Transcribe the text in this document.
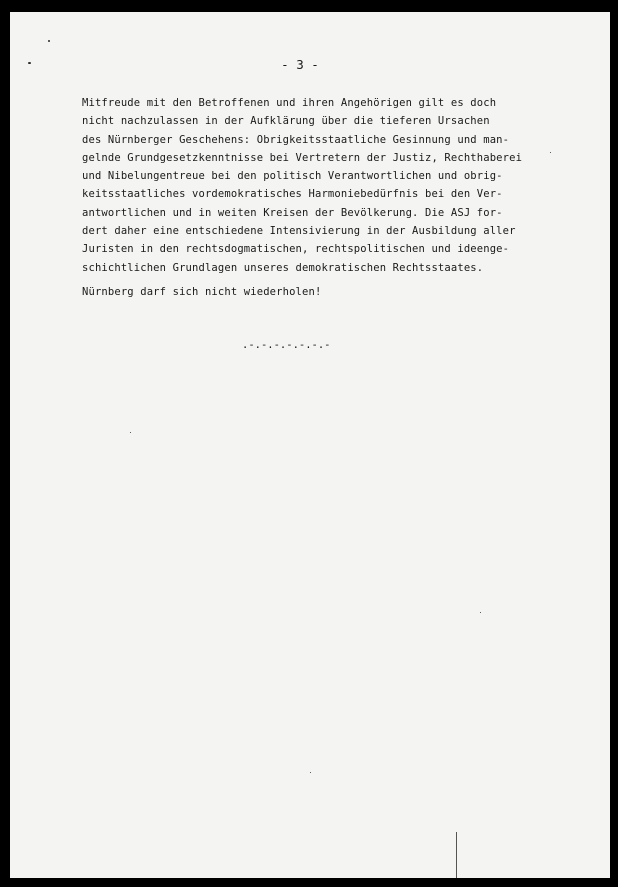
- 3 -

Mitfreude mit den Betroffenen und ihren Angehörigen gilt es doch
nicht nachzulassen in der Aufklärung über die tieferen Ursachen
des Nürnberger Geschehens: Obrigkeitsstaatliche Gesinnung und man-
gelnde Grundgesetzkenntnisse bei Vertretern der Justiz, Rechthaberei
und Nibelungentreue bei den politisch Verantwortlichen und obrig-
keitsstaatliches vordemokratisches Harmoniebedürfnis bei den Ver-
antwortlichen und in weiten Kreisen der Bevölkerung. Die ASJ for-
dert daher eine entschiedene Intensivierung in der Ausbildung aller
Juristen in den rechtsdogmatischen, rechtspolitischen und ideenge-
schichtlichen Grundlagen unseres demokratischen Rechtsstaates.

Nürnberg darf sich nicht wiederholen!
.-.-.-.-.-.-.-
